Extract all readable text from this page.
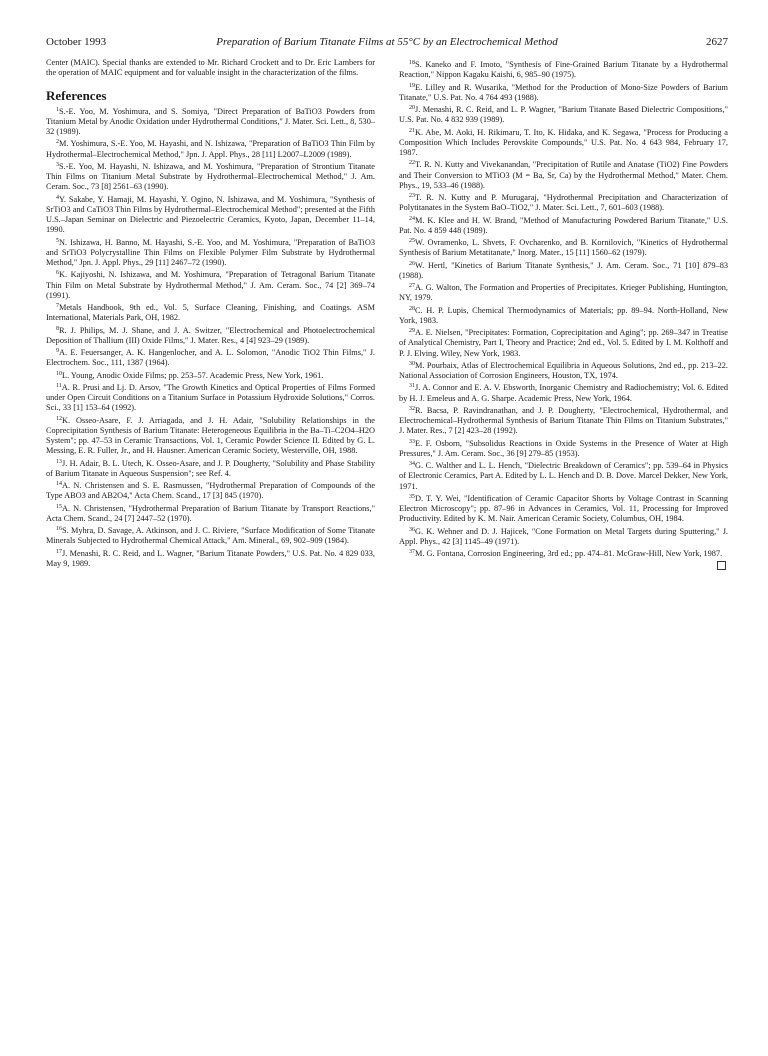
October 1993	Preparation of Barium Titanate Films at 55°C by an Electrochemical Method	2627

Center (MAIC). Special thanks are extended to Mr. Richard Crockett and to Dr. Eric Lambers for the operation of MAIC equipment and for valuable insight in the characterization of the films.

References

$^1$S.-E. Yoo, M. Yoshimura, and S. Somiya, "Direct Preparation of BaTiO3 Powders from Titanium Metal by Anodic Oxidation under Hydrothermal Conditions," J. Mater. Sci. Lett., 8, 530–32 (1989).

$^2$M. Yoshimura, S.-E. Yoo, M. Hayashi, and N. Ishizawa, "Preparation of BaTiO3 Thin Film by Hydrothermal–Electrochemical Method," Jpn. J. Appl. Phys., 28 [11] L2007–L2009 (1989).

$^3$S.-E. Yoo, M. Hayashi, N. Ishizawa, and M. Yoshimura, "Preparation of Strontium Titanate Thin Films on Titanium Metal Substrate by Hydrothermal–Electrochemical Method," J. Am. Ceram. Soc., 73 [8] 2561–63 (1990).

$^4$Y. Sakabe, Y. Hamaji, M. Hayashi, Y. Ogino, N. Ishizawa, and M. Yoshimura, "Synthesis of SrTiO3 and CaTiO3 Thin Films by Hydrothermal–Electrochemical Method"; presented at the Fifth U.S.–Japan Seminar on Dielectric and Piezoelectric Ceramics, Kyoto, Japan, December 11–14, 1990.

$^5$N. Ishizawa, H. Banno, M. Hayashi, S.-E. Yoo, and M. Yoshimura, "Preparation of BaTiO3 and SrTiO3 Polycrystalline Thin Films on Flexible Polymer Film Substrate by Hydrothermal Method," Jpn. J. Appl. Phys., 29 [11] 2467–72 (1990).

$^6$K. Kajiyoshi, N. Ishizawa, and M. Yoshimura, "Preparation of Tetragonal Barium Titanate Thin Film on Metal Substrate by Hydrothermal Method," J. Am. Ceram. Soc., 74 [2] 369–74 (1991).

$^7$Metals Handbook, 9th ed., Vol. 5, Surface Cleaning, Finishing, and Coatings. ASM International, Materials Park, OH, 1982.

$^8$R. J. Philips, M. J. Shane, and J. A. Switzer, "Electrochemical and Photoelectrochemical Deposition of Thallium (III) Oxide Films," J. Mater. Res., 4 [4] 923–29 (1989).

$^9$A. E. Feuersanger, A. K. Hangenlocher, and A. L. Solomon, "Anodic TiO2 Thin Films," J. Electrochem. Soc., 111, 1387 (1964).

$^{10}$L. Young, Anodic Oxide Films; pp. 253–57. Academic Press, New York, 1961.

$^{11}$A. R. Prusi and Lj. D. Arsov, "The Growth Kinetics and Optical Properties of Films Formed under Open Circuit Conditions on a Titanium Surface in Potassium Hydroxide Solutions," Corros. Sci., 33 [1] 153–64 (1992).

$^{12}$K. Osseo-Asare, F. J. Arriagada, and J. H. Adair, "Solubility Relationships in the Coprecipitation Synthesis of Barium Titanate: Heterogeneous Equilibria in the Ba–Ti–C2O4–H2O System"; pp. 47–53 in Ceramic Transactions, Vol. 1, Ceramic Powder Science II. Edited by G. L. Messing, E. R. Fuller, Jr., and H. Hausner. American Ceramic Society, Westerville, OH, 1988.

$^{13}$J. H. Adair, B. L. Utech, K. Osseo-Asare, and J. P. Dougherty, "Solubility and Phase Stability of Barium Titanate in Aqueous Suspension"; see Ref. 4.

$^{14}$A. N. Christensen and S. E. Rasmussen, "Hydrothermal Preparation of Compounds of the Type ABO3 and AB2O4," Acta Chem. Scand., 17 [3] 845 (1970).

$^{15}$A. N. Christensen, "Hydrothermal Preparation of Barium Titanate by Transport Reactions," Acta Chem. Scand., 24 [7] 2447–52 (1970).

$^{16}$S. Myhra, D. Savage, A. Atkinson, and J. C. Riviere, "Surface Modification of Some Titanate Minerals Subjected to Hydrothermal Chemical Attack," Am. Mineral., 69, 902–909 (1984).

$^{17}$J. Menashi, R. C. Reid, and L. Wagner, "Barium Titanate Powders," U.S. Pat. No. 4 829 033, May 9, 1989.

$^{18}$S. Kaneko and F. Imoto, "Synthesis of Fine-Grained Barium Titanate by a Hydrothermal Reaction," Nippon Kagaku Kaishi, 6, 985–90 (1975).

$^{19}$E. Lilley and R. Wusarika, "Method for the Production of Mono-Size Powders of Barium Titanate," U.S. Pat. No. 4 764 493 (1988).

$^{20}$J. Menashi, R. C. Reid, and L. P. Wagner, "Barium Titanate Based Dielectric Compositions," U.S. Pat. No. 4 832 939 (1989).

$^{21}$K. Abe, M. Aoki, H. Rikimaru, T. Ito, K. Hidaka, and K. Segawa, "Process for Producing a Composition Which Includes Perovskite Compounds," U.S. Pat. No. 4 643 984, February 17, 1987.

$^{22}$T. R. N. Kutty and Vivekanandan, "Precipitation of Rutile and Anatase (TiO2) Fine Powders and Their Conversion to MTiO3 (M = Ba, Sr, Ca) by the Hydrothermal Method," Mater. Chem. Phys., 19, 533–46 (1988).

$^{23}$T. R. N. Kutty and P. Murugaraj, "Hydrothermal Precipitation and Characterization of Polytitanates in the System BaO–TiO2," J. Mater. Sci. Lett., 7, 601–603 (1988).

$^{24}$M. K. Klee and H. W. Brand, "Method of Manufacturing Powdered Barium Titanate," U.S. Pat. No. 4 859 448 (1989).

$^{25}$W. Ovramenko, L. Shvets, F. Ovcharenko, and B. Kornilovich, "Kinetics of Hydrothermal Synthesis of Barium Metatitanate," Inorg. Mater., 15 [11] 1560–62 (1979).

$^{26}$W. Hertl, "Kinetics of Barium Titanate Synthesis," J. Am. Ceram. Soc., 71 [10] 879–83 (1988).

$^{27}$A. G. Walton, The Formation and Properties of Precipitates. Krieger Publishing, Huntington, NY, 1979.

$^{28}$C. H. P. Lupis, Chemical Thermodynamics of Materials; pp. 89–94. North-Holland, New York, 1983.

$^{29}$A. E. Nielsen, "Precipitates: Formation, Coprecipitation and Aging"; pp. 269–347 in Treatise of Analytical Chemistry, Part I, Theory and Practice; 2nd ed., Vol. 5. Edited by I. M. Kolthoff and P. J. Elving. Wiley, New York, 1983.

$^{30}$M. Pourbaix, Atlas of Electrochemical Equilibria in Aqueous Solutions, 2nd ed., pp. 213–22. National Association of Corrosion Engineers, Houston, TX, 1974.

$^{31}$J. A. Connor and E. A. V. Ebsworth, Inorganic Chemistry and Radiochemistry; Vol. 6. Edited by H. J. Emeleus and A. G. Sharpe. Academic Press, New York, 1964.

$^{32}$R. Bacsa, P. Ravindranathan, and J. P. Dougherty, "Electrochemical, Hydrothermal, and Electrochemical–Hydrothermal Synthesis of Barium Titanate Thin Films on Titanium Substrates," J. Mater. Res., 7 [2] 423–28 (1992).

$^{33}$E. F. Osborn, "Subsolidus Reactions in Oxide Systems in the Presence of Water at High Pressures," J. Am. Ceram. Soc., 36 [9] 279–85 (1953).

$^{34}$G. C. Walther and L. L. Hench, "Dielectric Breakdown of Ceramics"; pp. 539–64 in Physics of Electronic Ceramics, Part A. Edited by L. L. Hench and D. B. Dove. Marcel Dekker, New York, 1971.

$^{35}$D. T. Y. Wei, "Identification of Ceramic Capacitor Shorts by Voltage Contrast in Scanning Electron Microscopy"; pp. 87–96 in Advances in Ceramics, Vol. 11, Processing for Improved Productivity. Edited by K. M. Nair. American Ceramic Society, Columbus, OH, 1984.

$^{36}$G. K. Wehner and D. J. Hajicek, "Cone Formation on Metal Targets during Sputtering," J. Appl. Phys., 42 [3] 1145–49 (1971).

$^{37}$M. G. Fontana, Corrosion Engineering, 3rd ed.; pp. 474–81. McGraw-Hill, New York, 1987.
